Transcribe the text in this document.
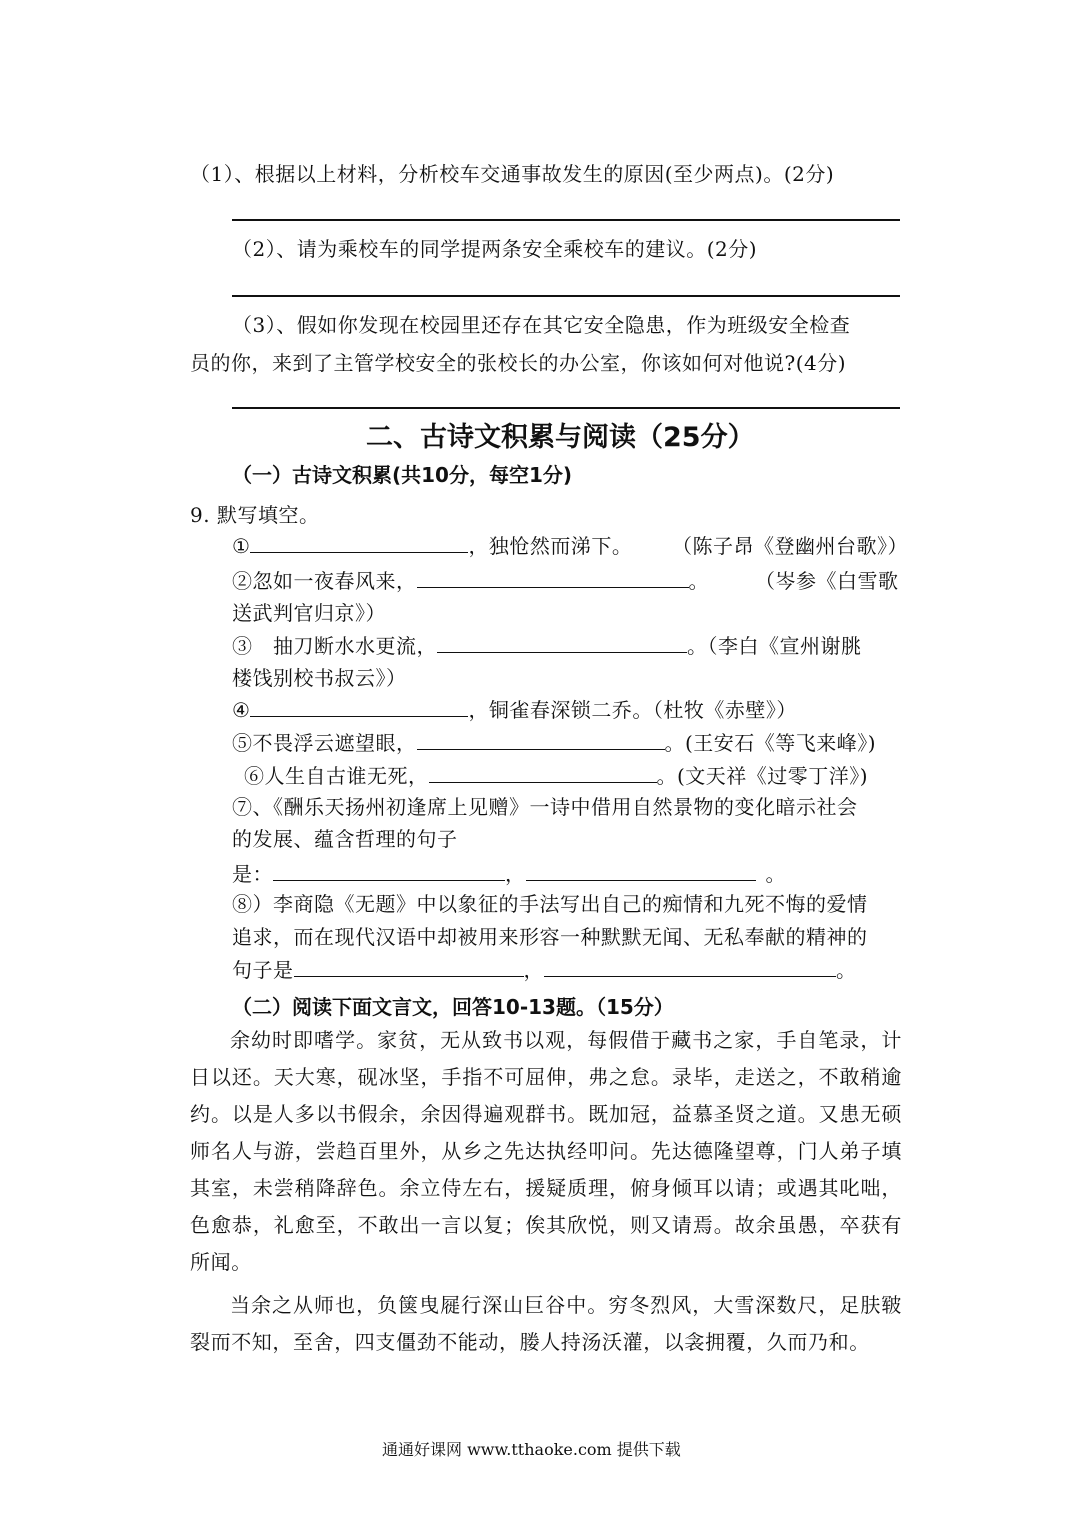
（1）、根据以上材料，分析校车交通事故发生的原因(至少两点)。(2分)
（2）、请为乘校车的同学提两条安全乘校车的建议。(2分)
（3）、假如你发现在校园里还存在其它安全隐患，作为班级安全检查
员的你，来到了主管学校安全的张校长的办公室，你该如何对他说?(4分)
二、古诗文积累与阅读（25分）
（一）古诗文积累(共10分，每空1分)
9. 默写填空。
①	，独怆然而涕下。 （陈子昂《登幽州台歌》）
②忽如一夜春风来，	。 （岑参《白雪歌
送武判官归京》）
③　抽刀断水水更流，	。（李白《宣州谢朓
楼饯别校书叔云》）
④	，铜雀春深锁二乔。（杜牧《赤壁》）
⑤不畏浮云遮望眼，	。(王安石《等飞来峰》)
⑥人生自古谁无死，	。(文天祥《过零丁洋》)
⑦、《酬乐天扬州初逢席上见赠》一诗中借用自然景物的变化暗示社会
的发展、蕴含哲理的句子
是：	，	。
⑧）李商隐《无题》中以象征的手法写出自己的痴情和九死不悔的爱情
追求，而在现代汉语中却被用来形容一种默默无闻、无私奉献的精神的
句子是	，	。
（二）阅读下面文言文，回答10-13题。（15分）
余幼时即嗜学。家贫，无从致书以观，每假借于藏书之家，手自笔录，计日以还。天大寒，砚冰坚，手指不可屈伸，弗之怠。录毕，走送之，不敢稍逾约。以是人多以书假余，余因得遍观群书。既加冠，益慕圣贤之道。又患无硕师名人与游，尝趋百里外，从乡之先达执经叩问。先达德隆望尊，门人弟子填其室，未尝稍降辞色。余立侍左右，援疑质理，俯身倾耳以请；或遇其叱咄，色愈恭，礼愈至，不敢出一言以复；俟其欣悦，则又请焉。故余虽愚，卒获有所闻。
当余之从师也，负箧曳屣行深山巨谷中。穷冬烈风，大雪深数尺，足肤皲裂而不知，至舍，四支僵劲不能动，媵人持汤沃灌，以衾拥覆，久而乃和。
通通好课网 www.tthaoke.com 提供下载
